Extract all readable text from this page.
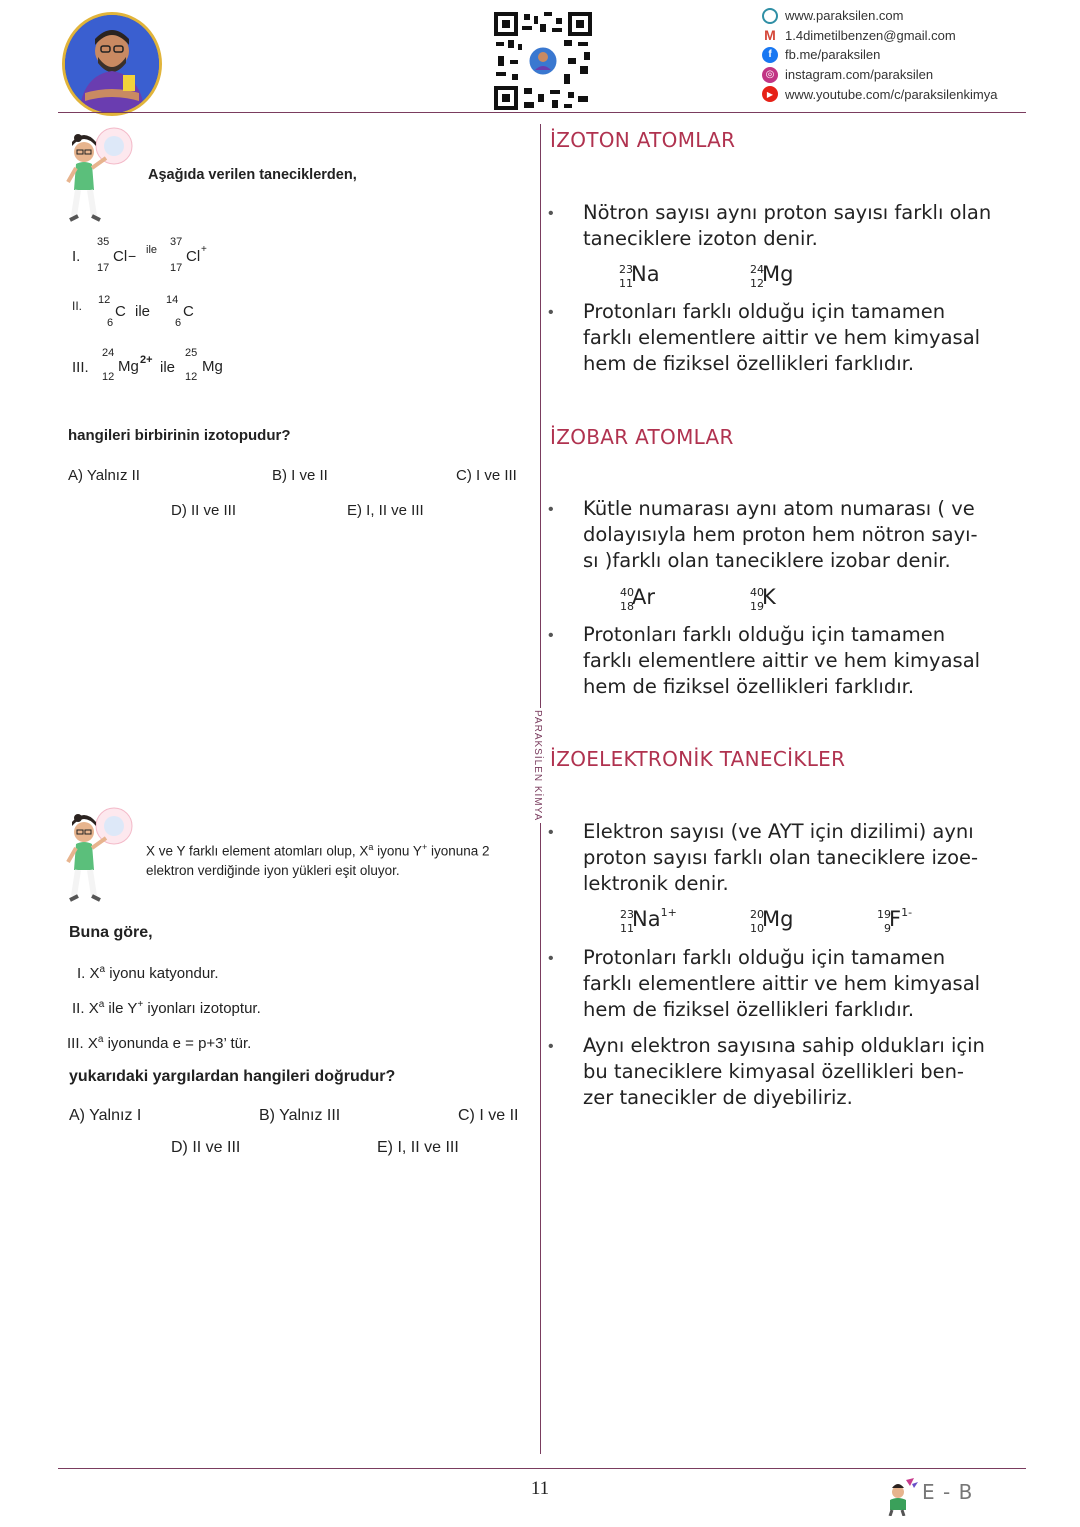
www.paraksilen.com
M 1.4dimetilbenzen@gmail.com
f	fb.me/paraksilen
◎ instagram.com/paraksilen
▶ www.youtube.com/c/paraksilenkimya
PARAKSİLEN KİMYA
Aşağıda verilen taneciklerden,
I.
35
17
Cl − ile
37
17
Cl +
II. 12
6
C ile
14
6
C
III.
24
12
Mg 2+ ile
25
12
Mg
hangileri birbirinin izotopudur?
A) Yalnız II	B) I ve II	C) I ve III
D) II ve III	E) I, II ve III
X ve Y farklı element atomları olup, $X^a$ iyonu Y+ iyonuna 2
elektron verdiğinde iyon yükleri eşit oluyor.
Buna göre,
I. $X^a$ iyonu katyondur.
II. $X^a$ ile Y+ iyonları izotoptur.
III. $X^a$ iyonunda e = p+3’ tür.
yukarıdaki yargılardan hangileri doğrudur?
A) Yalnız I	B) Yalnız III	C) I ve II
D) II ve III	E) I, II ve III
İZOTON ATOMLAR
• Nötron sayısı aynı proton sayısı farklı olan
taneciklere izoton denir.
23
11
Na	24
12
Mg
• Protonları farklı olduğu için tamamen
farklı elementlere aittir ve hem kimyasal
hem de fiziksel özellikleri farklıdır.
İZOBAR ATOMLAR
• Kütle numarası aynı atom numarası ( ve
dolayısıyla hem proton hem nötron sayı-
sı )farklı olan taneciklere izobar denir.
40
18
Ar	40
19
K
• Protonları farklı olduğu için tamamen
farklı elementlere aittir ve hem kimyasal
hem de fiziksel özellikleri farklıdır.
İZOELEKTRONİK TANECİKLER
• Elektron sayısı (ve AYT için dizilimi) aynı
proton sayısı farklı olan taneciklere izoe-
lektronik denir.
23
11
$Na^{1+}$	20
10
Mg	19
9
$F^{1-}$
• Protonları farklı olduğu için tamamen
farklı elementlere aittir ve hem kimyasal
hem de fiziksel özellikleri farklıdır.
• Aynı elektron sayısına sahip oldukları için
bu taneciklere kimyasal özellikleri ben-
zer tanecikler de diyebiliriz.
11	E - B
